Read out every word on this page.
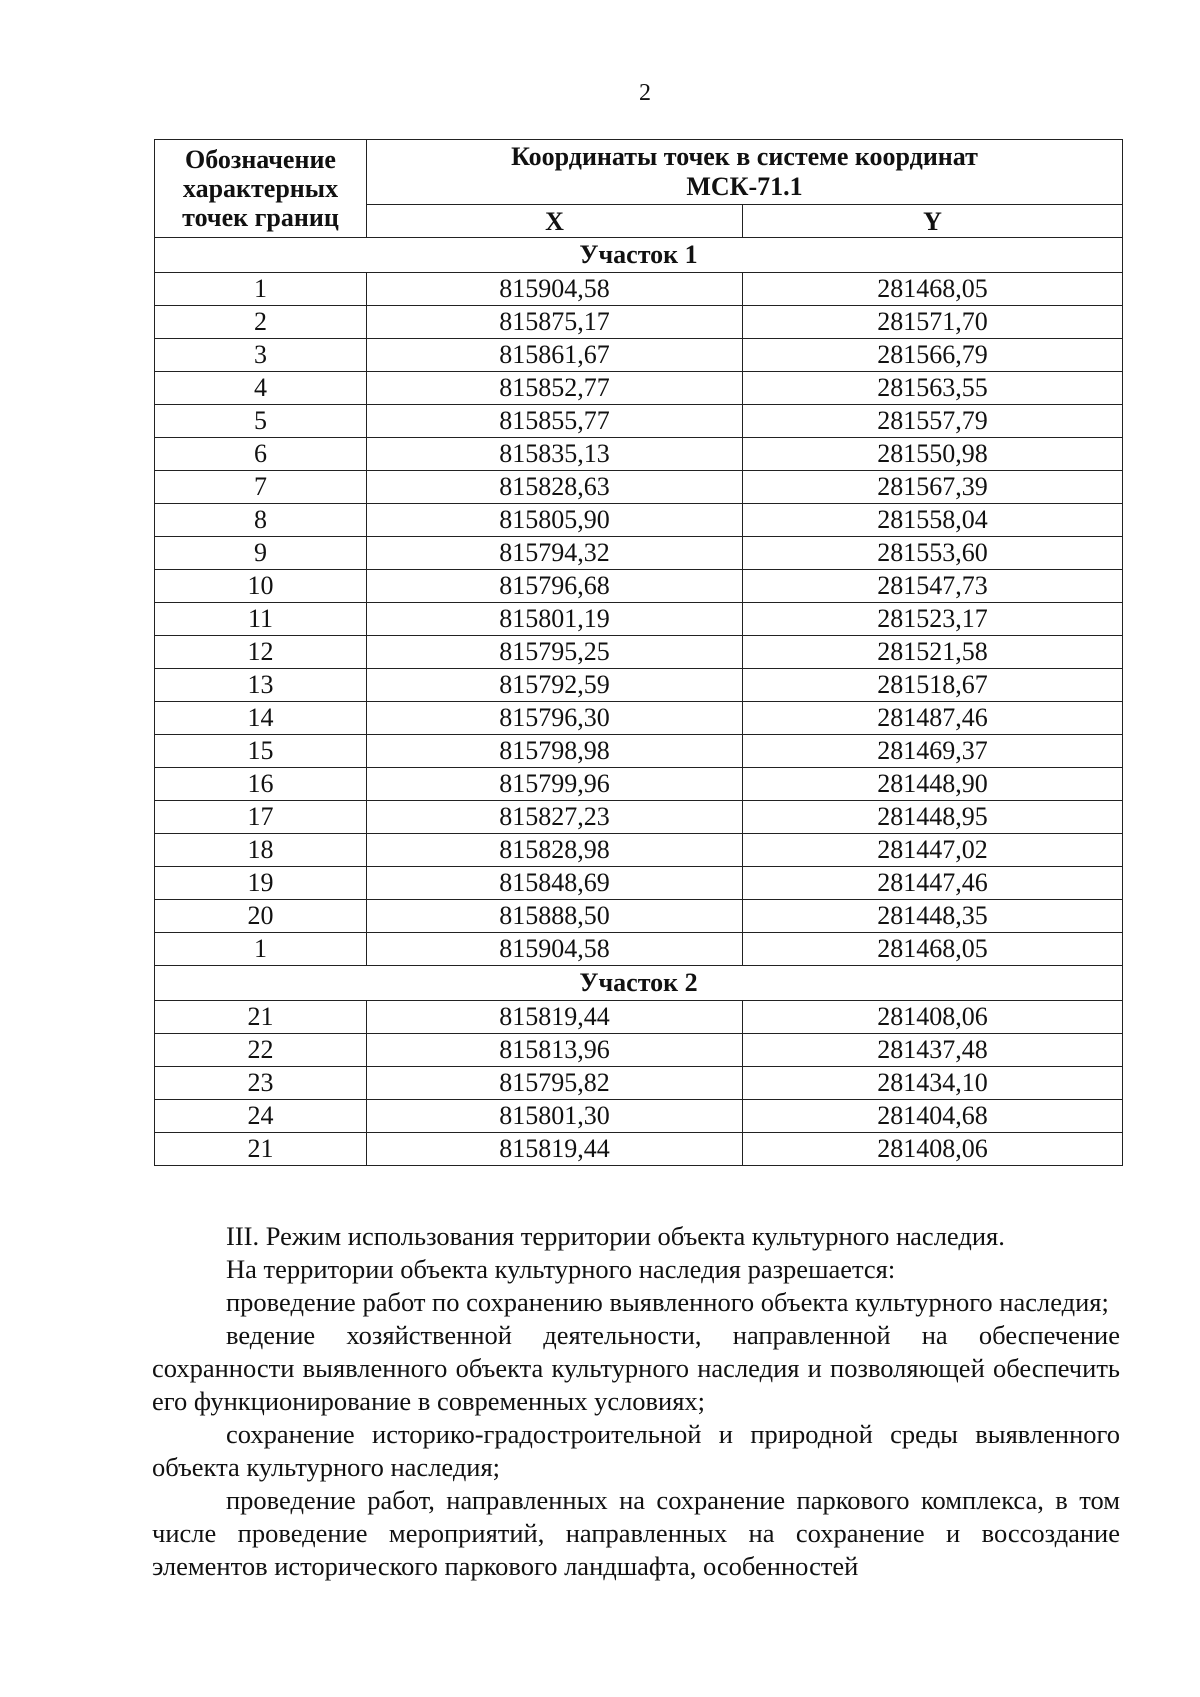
2
Обозначение характерных точек границ	Координаты точек в системе координат
МСК-71.1	

	X	Y
Участок 1		
1	815904,58	281468,05
2	815875,17	281571,70
3	815861,67	281566,79
4	815852,77	281563,55
5	815855,77	281557,79
6	815835,13	281550,98
7	815828,63	281567,39
8	815805,90	281558,04
9	815794,32	281553,60
10	815796,68	281547,73
11	815801,19	281523,17
12	815795,25	281521,58
13	815792,59	281518,67
14	815796,30	281487,46
15	815798,98	281469,37
16	815799,96	281448,90
17	815827,23	281448,95
18	815828,98	281447,02
19	815848,69	281447,46
20	815888,50	281448,35
1	815904,58	281468,05
Участок 2		
21	815819,44	281408,06
22	815813,96	281437,48
23	815795,82	281434,10
24	815801,30	281404,68
21	815819,44	281408,06

III. Режим использования территории объекта культурного наследия.

На территории объекта культурного наследия разрешается:

проведение работ по сохранению выявленного объекта культурного наследия;

ведение хозяйственной деятельности, направленной на обеспечение сохранности выявленного объекта культурного наследия и позволяющей обеспечить его функционирование в современных условиях;

сохранение историко-градостроительной и природной среды выявленного объекта культурного наследия;

проведение работ, направленных на сохранение паркового комплекса, в том числе проведение мероприятий, направленных на сохранение и воссоздание элементов исторического паркового ландшафта, особенностей
